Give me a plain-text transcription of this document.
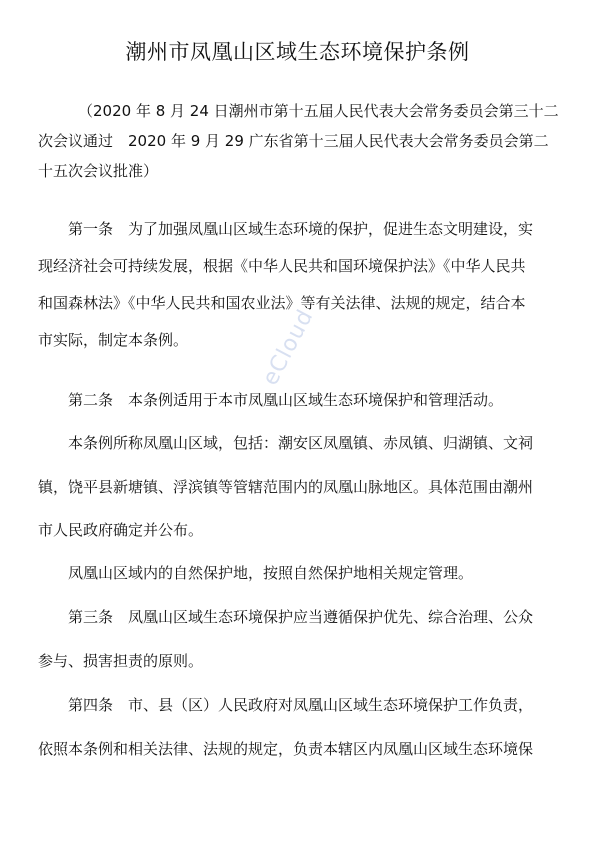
潮州市凤凰山区域生态环境保护条例
（2020 年 8 月 24 日潮州市第十五届人民代表大会常务委员会第三十二
次会议通过　2020 年 9 月 29 广东省第十三届人民代表大会常务委员会第二
十五次会议批准）
第一条　为了加强凤凰山区域生态环境的保护，促进生态文明建设，实
现经济社会可持续发展，根据《中华人民共和国环境保护法》《中华人民共
和国森林法》《中华人民共和国农业法》等有关法律、法规的规定，结合本
市实际，制定本条例。
第二条　本条例适用于本市凤凰山区域生态环境保护和管理活动。
本条例所称凤凰山区域，包括：潮安区凤凰镇、赤凤镇、归湖镇、文祠
镇，饶平县新塘镇、浮滨镇等管辖范围内的凤凰山脉地区。具体范围由潮州
市人民政府确定并公布。
凤凰山区域内的自然保护地，按照自然保护地相关规定管理。
第三条　凤凰山区域生态环境保护应当遵循保护优先、综合治理、公众
参与、损害担责的原则。
第四条　市、县（区）人民政府对凤凰山区域生态环境保护工作负责，
依照本条例和相关法律、法规的规定，负责本辖区内凤凰山区域生态环境保
eCloud
